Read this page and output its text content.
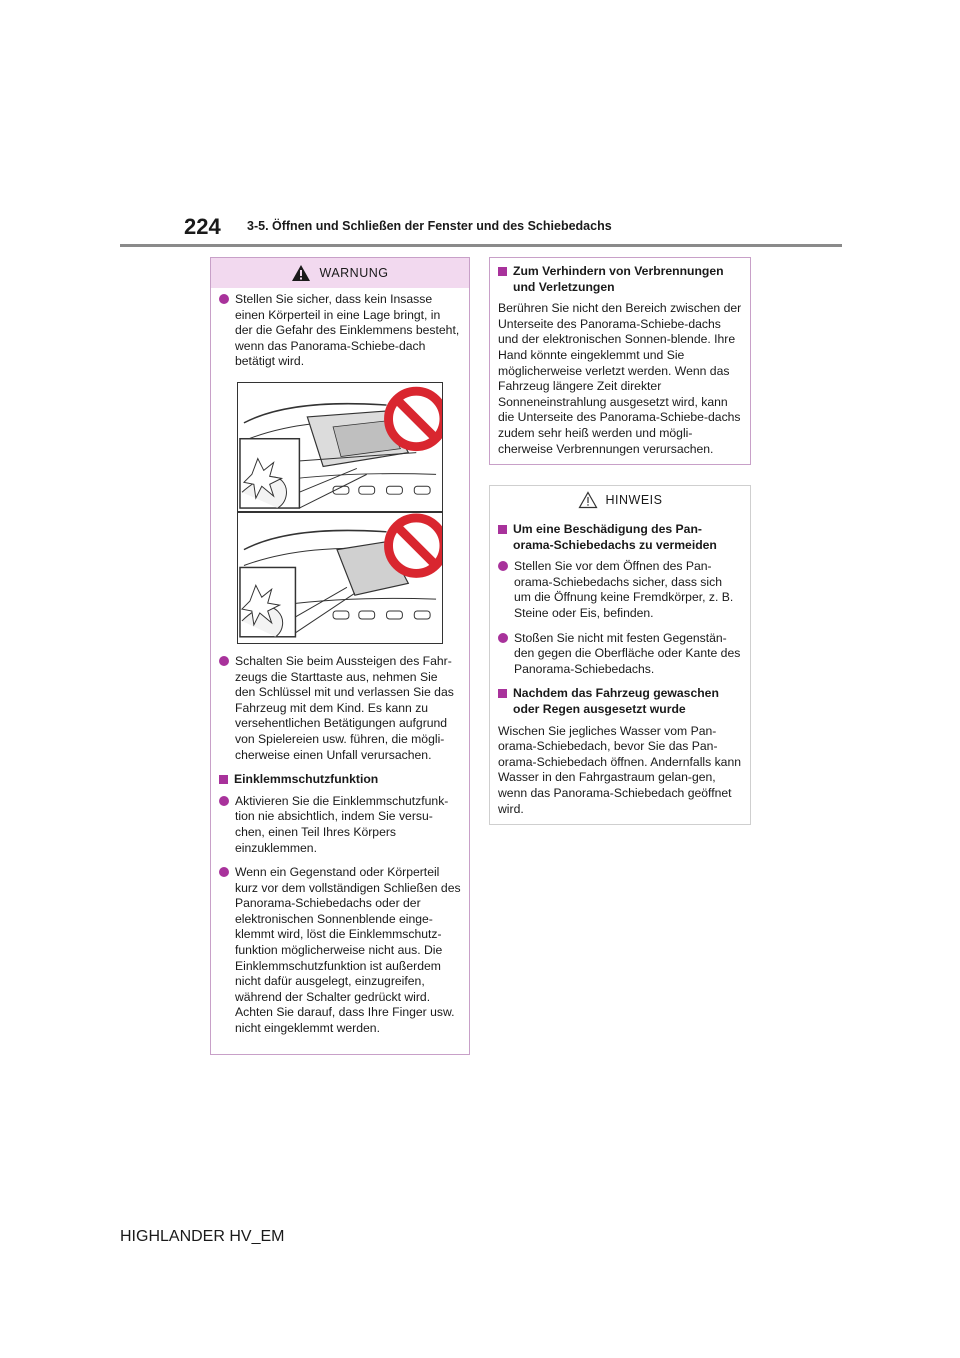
224 3-5. Öffnen und Schließen der Fenster und des Schiebedachs
WARNUNG
Stellen Sie sicher, dass kein Insasse einen Körperteil in eine Lage bringt, in der die Gefahr des Einklemmens besteht, wenn das Panorama-Schiebe-dach betätigt wird.
Schalten Sie beim Aussteigen des Fahr-zeugs die Starttaste aus, nehmen Sie den Schlüssel mit und verlassen Sie das Fahrzeug mit dem Kind. Es kann zu versehentlichen Betätigungen aufgrund von Spielereien usw. führen, die mögli-cherweise einen Unfall verursachen.
Einklemmschutzfunktion
Aktivieren Sie die Einklemmschutzfunk-tion nie absichtlich, indem Sie versu-chen, einen Teil Ihres Körpers einzuklemmen.
Wenn ein Gegenstand oder Körperteil kurz vor dem vollständigen Schließen des Panorama-Schiebedachs oder der elektronischen Sonnenblende einge-klemmt wird, löst die Einklemmschutz-funktion möglicherweise nicht aus. Die Einklemmschutzfunktion ist außerdem nicht dafür ausgelegt, einzugreifen, während der Schalter gedrückt wird. Achten Sie darauf, dass Ihre Finger usw. nicht eingeklemmt werden.
Zum Verhindern von Verbrennungen und Verletzungen
Berühren Sie nicht den Bereich zwischen der Unterseite des Panorama-Schiebe-dachs und der elektronischen Sonnen-blende. Ihre Hand könnte eingeklemmt und Sie möglicherweise verletzt werden. Wenn das Fahrzeug längere Zeit direkter Sonneneinstrahlung ausgesetzt wird, kann die Unterseite des Panorama-Schiebe-dachs zudem sehr heiß werden und mögli-cherweise Verbrennungen verursachen.
HINWEIS
Um eine Beschädigung des Pan-orama-Schiebedachs zu vermeiden
Stellen Sie vor dem Öffnen des Pan-orama-Schiebedachs sicher, dass sich um die Öffnung keine Fremdkörper, z. B. Steine oder Eis, befinden.
Stoßen Sie nicht mit festen Gegenstän-den gegen die Oberfläche oder Kante des Panorama-Schiebedachs.
Nachdem das Fahrzeug gewaschen oder Regen ausgesetzt wurde
Wischen Sie jegliches Wasser vom Pan-orama-Schiebedach, bevor Sie das Pan-orama-Schiebedach öffnen. Andernfalls kann Wasser in den Fahrgastraum gelan-gen, wenn das Panorama-Schiebedach geöffnet wird.
HIGHLANDER HV_EM
